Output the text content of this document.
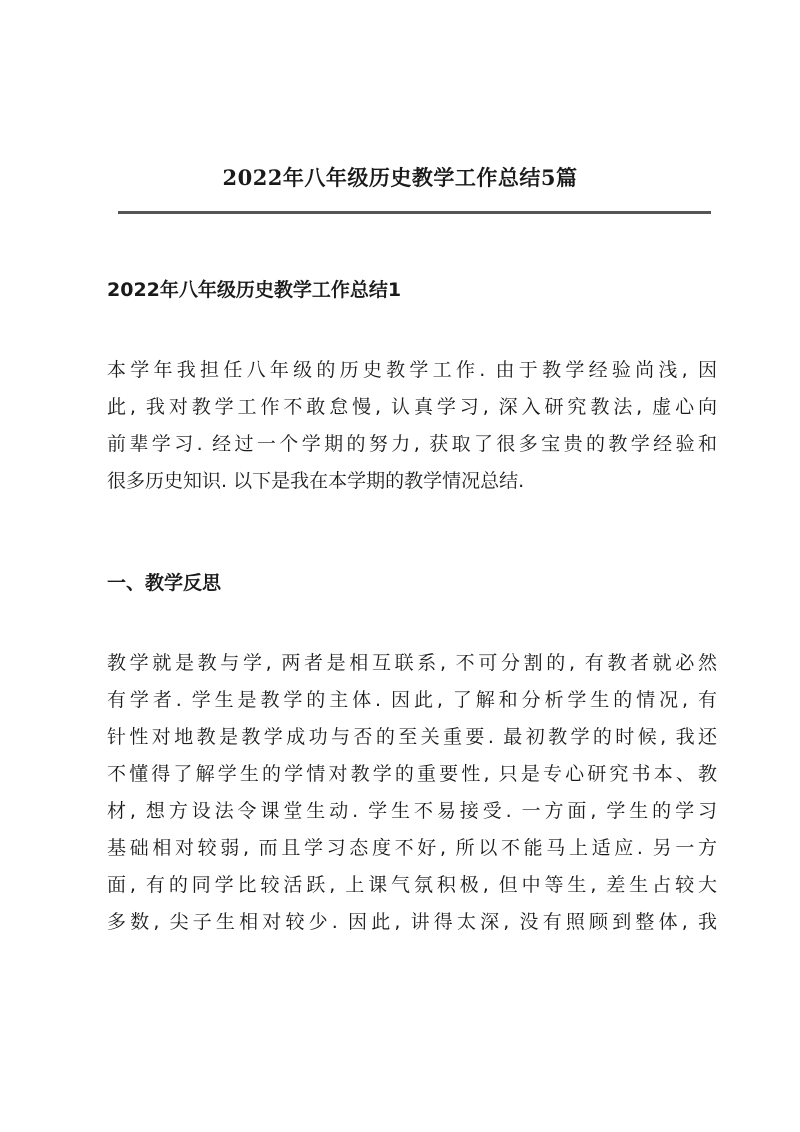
2022年八年级历史教学工作总结5篇
2022年八年级历史教学工作总结1
本学年我担任八年级的历史教学工作. 由于教学经验尚浅, 因
此, 我对教学工作不敢怠慢, 认真学习, 深入研究教法, 虚心向
前辈学习. 经过一个学期的努力, 获取了很多宝贵的教学经验和
很多历史知识. 以下是我在本学期的教学情况总结.
一、教学反思
教学就是教与学, 两者是相互联系, 不可分割的, 有教者就必然
有学者. 学生是教学的主体. 因此, 了解和分析学生的情况, 有
针性对地教是教学成功与否的至关重要. 最初教学的时候, 我还
不懂得了解学生的学情对教学的重要性, 只是专心研究书本、教
材, 想方设法令课堂生动. 学生不易接受. 一方面, 学生的学习
基础相对较弱, 而且学习态度不好, 所以不能马上适应. 另一方
面, 有的同学比较活跃, 上课气氛积极, 但中等生, 差生占较大
多数, 尖子生相对较少. 因此, 讲得太深, 没有照顾到整体, 我
